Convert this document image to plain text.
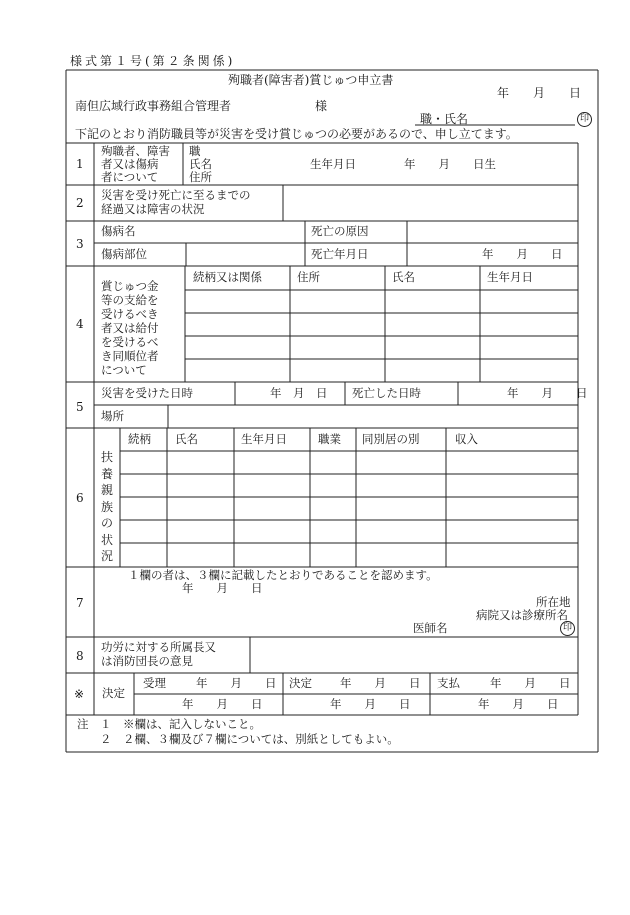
様式第１号(第２条関係)
殉職者(障害者)賞じゅつ申立書
年　　月　　日
南但広域行政事務組合管理者	様
職・氏名	印
下記のとおり消防職員等が災害を受け賞じゅつの必要があるので、申し立てます。
1
殉職者、障害
者又は傷病
者について
職
氏名
住所
生年月日	年　　月　　日生
2
災害を受け死亡に至るまでの
経過又は障害の状況
3
傷病名	死亡の原因
傷病部位	死亡年月日	年　　月　　日
4
賞じゅつ金
等の支給を
受けるべき
者又は給付
を受けるべ
き同順位者
について
続柄又は関係	住所	氏名	生年月日
5
災害を受けた日時	年　月　日 死亡した日時	年　　月　　日
場所
6
扶養親族の状況
続柄 氏名	生年月日	職業 同別居の別	収入
7
１欄の者は、３欄に記載したとおりであることを認めます。
年　　月　　日
所在地
病院又は診療所名
医師名	印
8
功労に対する所属長又
は消防団長の意見
※ 決定
受理	年　　月　　日 決定 年　　月　　日 支払	年　　月　　日
年　　月　　日	年　　月　　日	年　　月　　日
注 １　※欄は、記入しないこと。
２　２欄、３欄及び７欄については、別紙としてもよい。
